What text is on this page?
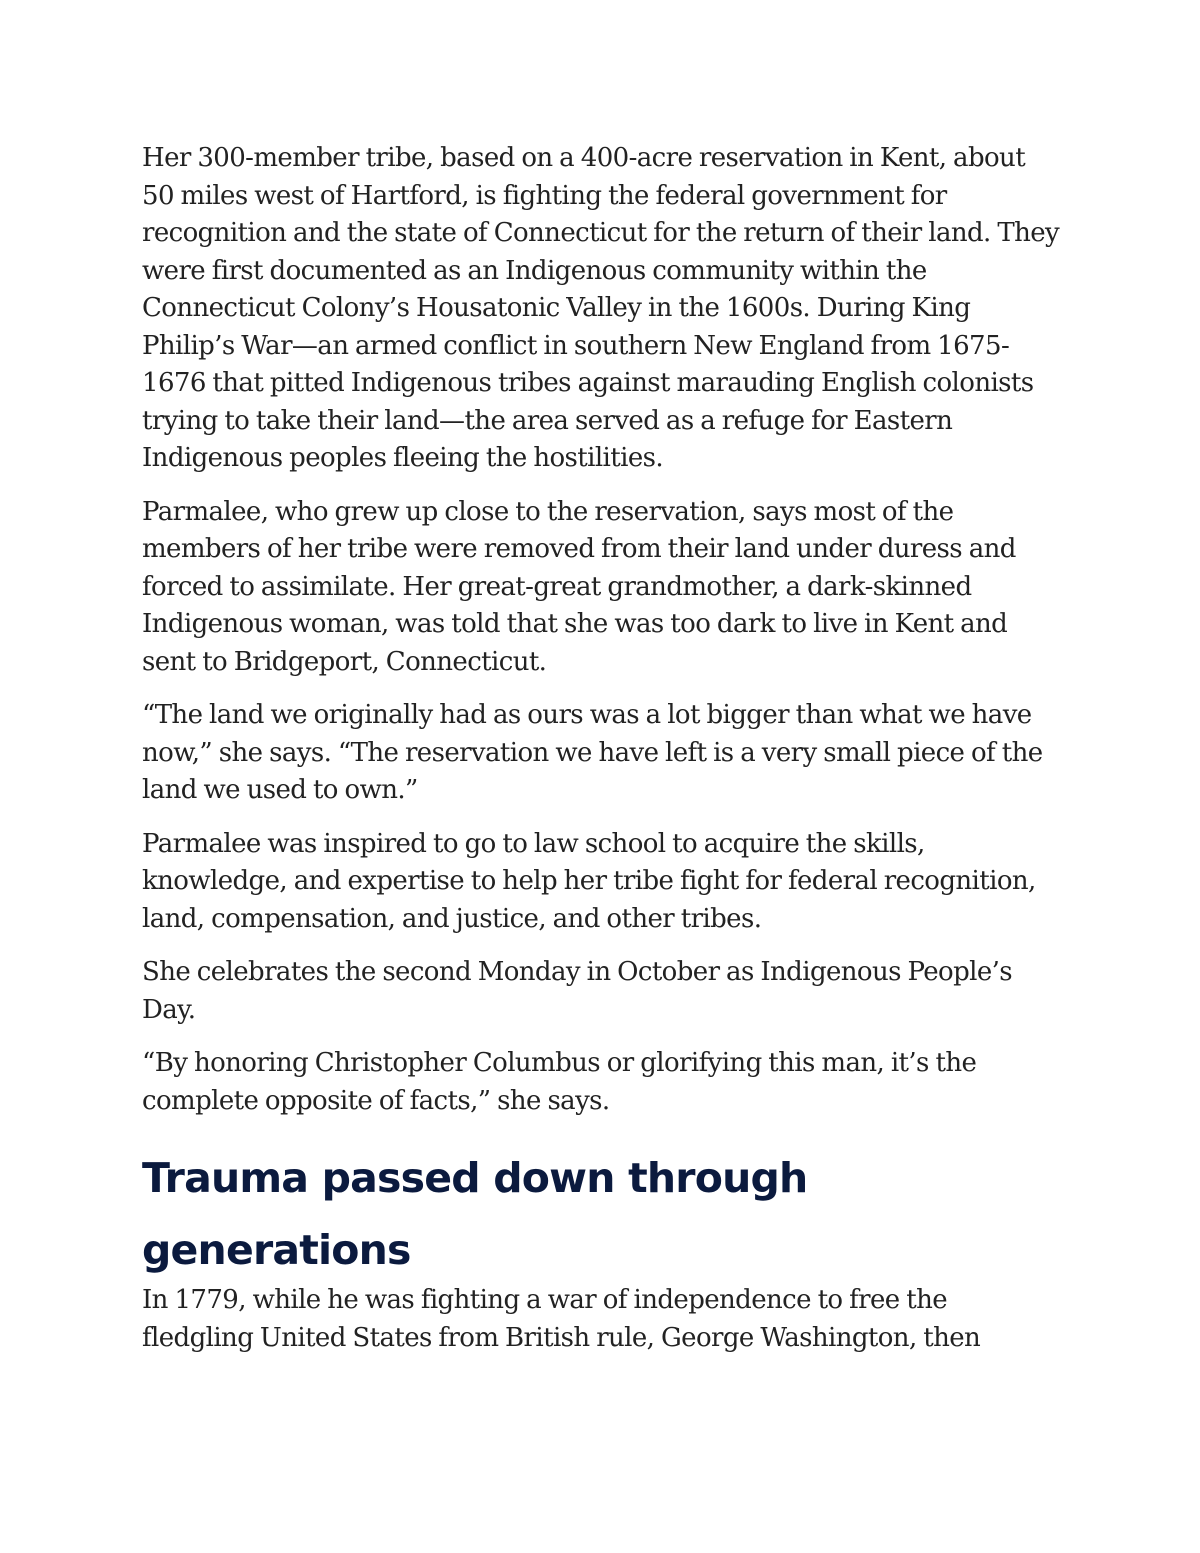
Her 300-member tribe, based on a 400-acre reservation in Kent, about 50 miles west of Hartford, is fighting the federal government for recognition and the state of Connecticut for the return of their land. They were first documented as an Indigenous community within the Connecticut Colony’s Housatonic Valley in the 1600s. During King Philip’s War—an armed conflict in southern New England from 1675-1676 that pitted Indigenous tribes against marauding English colonists trying to take their land—the area served as a refuge for Eastern Indigenous peoples fleeing the hostilities.

Parmalee, who grew up close to the reservation, says most of the members of her tribe were removed from their land under duress and forced to assimilate. Her great-great grandmother, a dark-skinned Indigenous woman, was told that she was too dark to live in Kent and sent to Bridgeport, Connecticut.

“The land we originally had as ours was a lot bigger than what we have now,” she says. “The reservation we have left is a very small piece of the land we used to own.”

Parmalee was inspired to go to law school to acquire the skills, knowledge, and expertise to help her tribe fight for federal recognition, land, compensation, and justice, and other tribes.

She celebrates the second Monday in October as Indigenous People’s Day.

“By honoring Christopher Columbus or glorifying this man, it’s the complete opposite of facts,” she says.

Trauma passed down through generations

In 1779, while he was fighting a war of independence to free the fledgling United States from British rule, George Washington, then
